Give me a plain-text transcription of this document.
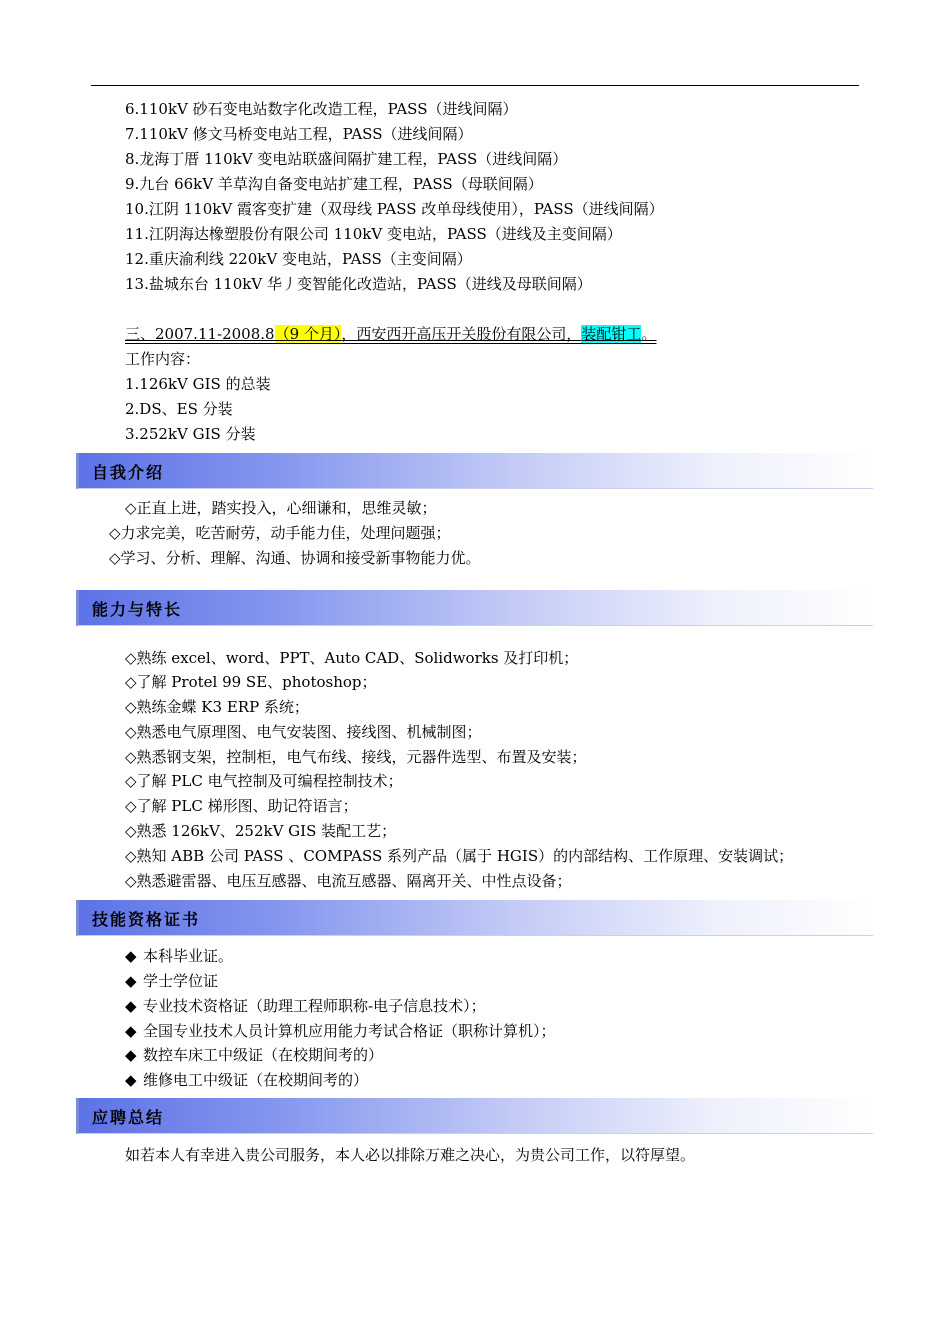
6.110kV 砂石变电站数字化改造工程，PASS（进线间隔）
7.110kV 修文马桥变电站工程，PASS（进线间隔）
8.龙海丁厝 110kV 变电站联盛间隔扩建工程，PASS（进线间隔）
9.九台 66kV 羊草沟自备变电站扩建工程，PASS（母联间隔）
10.江阴 110kV 霞客变扩建（双母线 PASS 改单母线使用），PASS（进线间隔）
11.江阴海达橡塑股份有限公司 110kV 变电站，PASS（进线及主变间隔）
12.重庆渝利线 220kV 变电站，PASS（主变间隔）
13.盐城东台 110kV 华丿变智能化改造站，PASS（进线及母联间隔）
三、2007.11-2008.8（9 个月），西安西开高压开关股份有限公司，装配钳工。
工作内容：
1.126kV GIS 的总装
2.DS、ES 分装
3.252kV GIS 分装
自我介绍
◇正直上进，踏实投入，心细谦和，思维灵敏；
◇力求完美，吃苦耐劳，动手能力佳，处理问题强；
◇学习、分析、理解、沟通、协调和接受新事物能力优。
能力与特长
◇熟练 excel、word、PPT、Auto CAD、Solidworks 及打印机；
◇了解 Protel 99 SE、photoshop；
◇熟练金蝶 K3 ERP 系统；
◇熟悉电气原理图、电气安装图、接线图、机械制图；
◇熟悉钢支架，控制柜，电气布线、接线，元器件选型、布置及安装；
◇了解 PLC 电气控制及可编程控制技术；
◇了解 PLC 梯形图、助记符语言；
◇熟悉 126kV、252kV GIS 装配工艺；
◇熟知 ABB 公司 PASS 、COMPASS 系列产品（属于 HGIS）的内部结构、工作原理、安装调试；
◇熟悉避雷器、电压互感器、电流互感器、隔离开关、中性点设备；
技能资格证书
◆ 本科毕业证。
◆ 学士学位证
◆ 专业技术资格证（助理工程师职称-电子信息技术）；
◆ 全国专业技术人员计算机应用能力考试合格证（职称计算机）；
◆ 数控车床工中级证（在校期间考的）
◆ 维修电工中级证（在校期间考的）
应聘总结
如若本人有幸进入贵公司服务，本人必以排除万难之决心，为贵公司工作，以符厚望。
